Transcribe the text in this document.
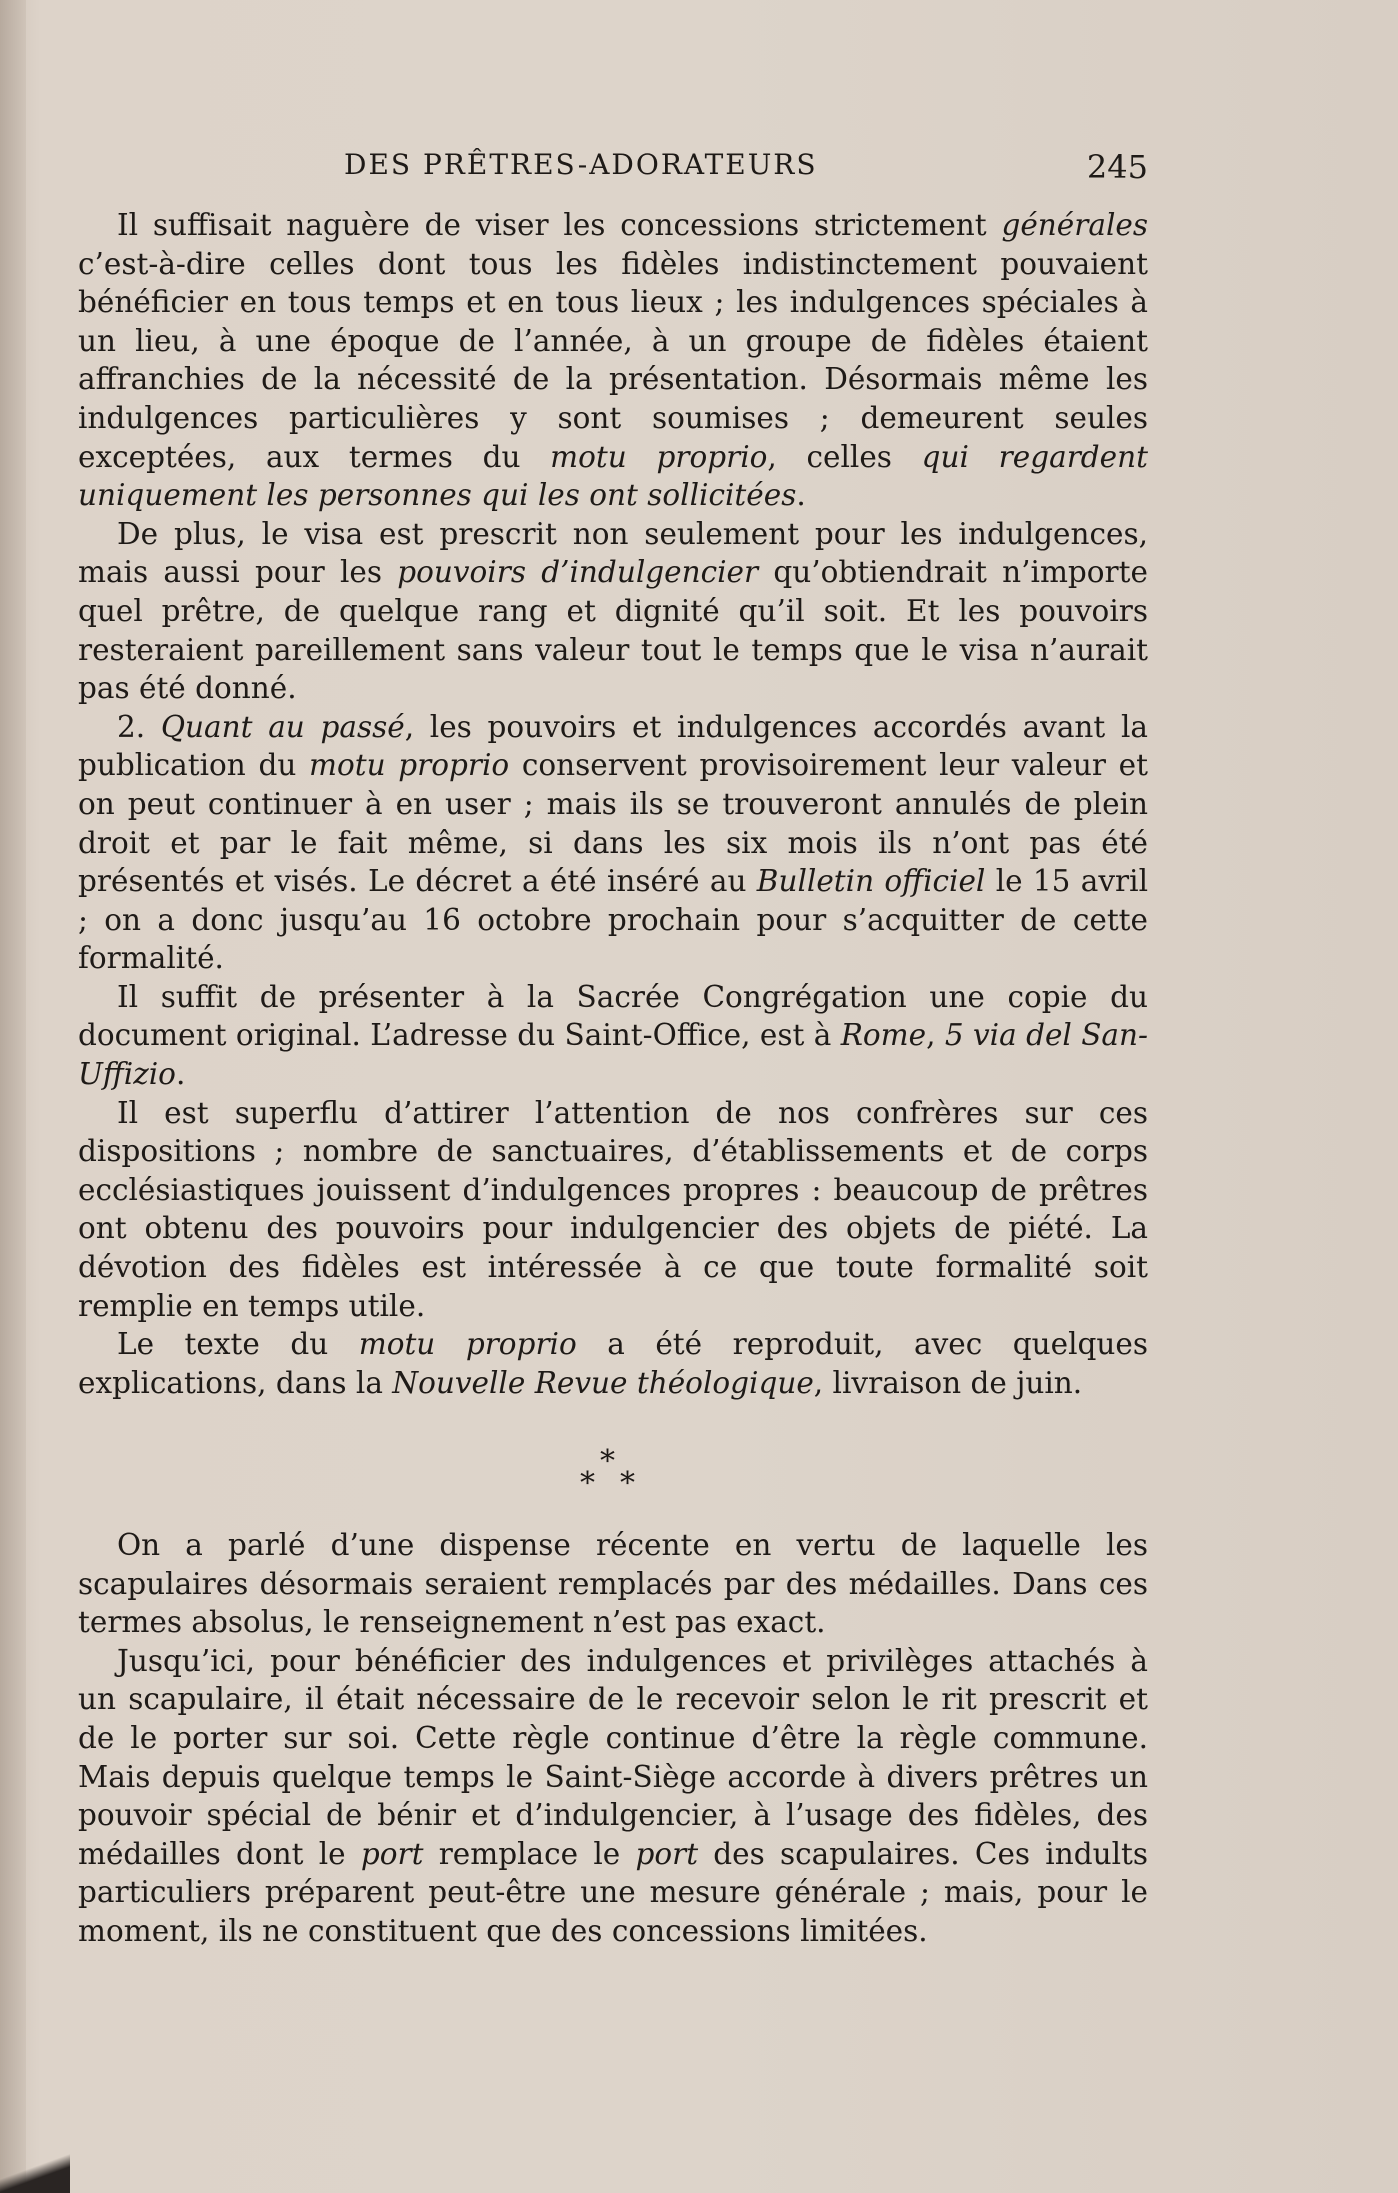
DES PRÊTRES-ADORATEURS	245

Il suffisait naguère de viser les concessions strictement générales c’est-à-dire celles dont tous les fidèles indistinctement pouvaient bénéficier en tous temps et en tous lieux ; les indulgences spéciales à un lieu, à une époque de l’année, à un groupe de fidèles étaient affranchies de la nécessité de la présentation. Désormais même les indulgences particulières y sont soumises ; demeurent seules exceptées, aux termes du motu proprio, celles qui regardent uniquement les personnes qui les ont sollicitées.

De plus, le visa est prescrit non seulement pour les indulgences, mais aussi pour les pouvoirs d’indulgencier qu’obtiendrait n’importe quel prêtre, de quelque rang et dignité qu’il soit. Et les pouvoirs resteraient pareillement sans valeur tout le temps que le visa n’aurait pas été donné.

2. Quant au passé, les pouvoirs et indulgences accordés avant la publication du motu proprio conservent provisoirement leur valeur et on peut continuer à en user ; mais ils se trouveront annulés de plein droit et par le fait même, si dans les six mois ils n’ont pas été présentés et visés. Le décret a été inséré au Bulletin officiel le 15 avril ; on a donc jusqu’au 16 octobre prochain pour s’acquitter de cette formalité.

Il suffit de présenter à la Sacrée Congrégation une copie du document original. L’adresse du Saint-Office, est à Rome, 5 via del San-Uffizio.

Il est superflu d’attirer l’attention de nos confrères sur ces dispositions ; nombre de sanctuaires, d’établissements et de corps ecclésiastiques jouissent d’indulgences propres : beaucoup de prêtres ont obtenu des pouvoirs pour indulgencier des objets de piété. La dévotion des fidèles est intéressée à ce que toute formalité soit remplie en temps utile.

Le texte du motu proprio a été reproduit, avec quelques explications, dans la Nouvelle Revue théologique, livraison de juin.

*
* *

On a parlé d’une dispense récente en vertu de laquelle les scapulaires désormais seraient remplacés par des médailles. Dans ces termes absolus, le renseignement n’est pas exact.

Jusqu’ici, pour bénéficier des indulgences et privilèges attachés à un scapulaire, il était nécessaire de le recevoir selon le rit prescrit et de le porter sur soi. Cette règle continue d’être la règle commune. Mais depuis quelque temps le Saint-Siège accorde à divers prêtres un pouvoir spécial de bénir et d’indulgencier, à l’usage des fidèles, des médailles dont le port remplace le port des scapulaires. Ces indults particuliers préparent peut-être une mesure générale ; mais, pour le moment, ils ne constituent que des concessions limitées.
